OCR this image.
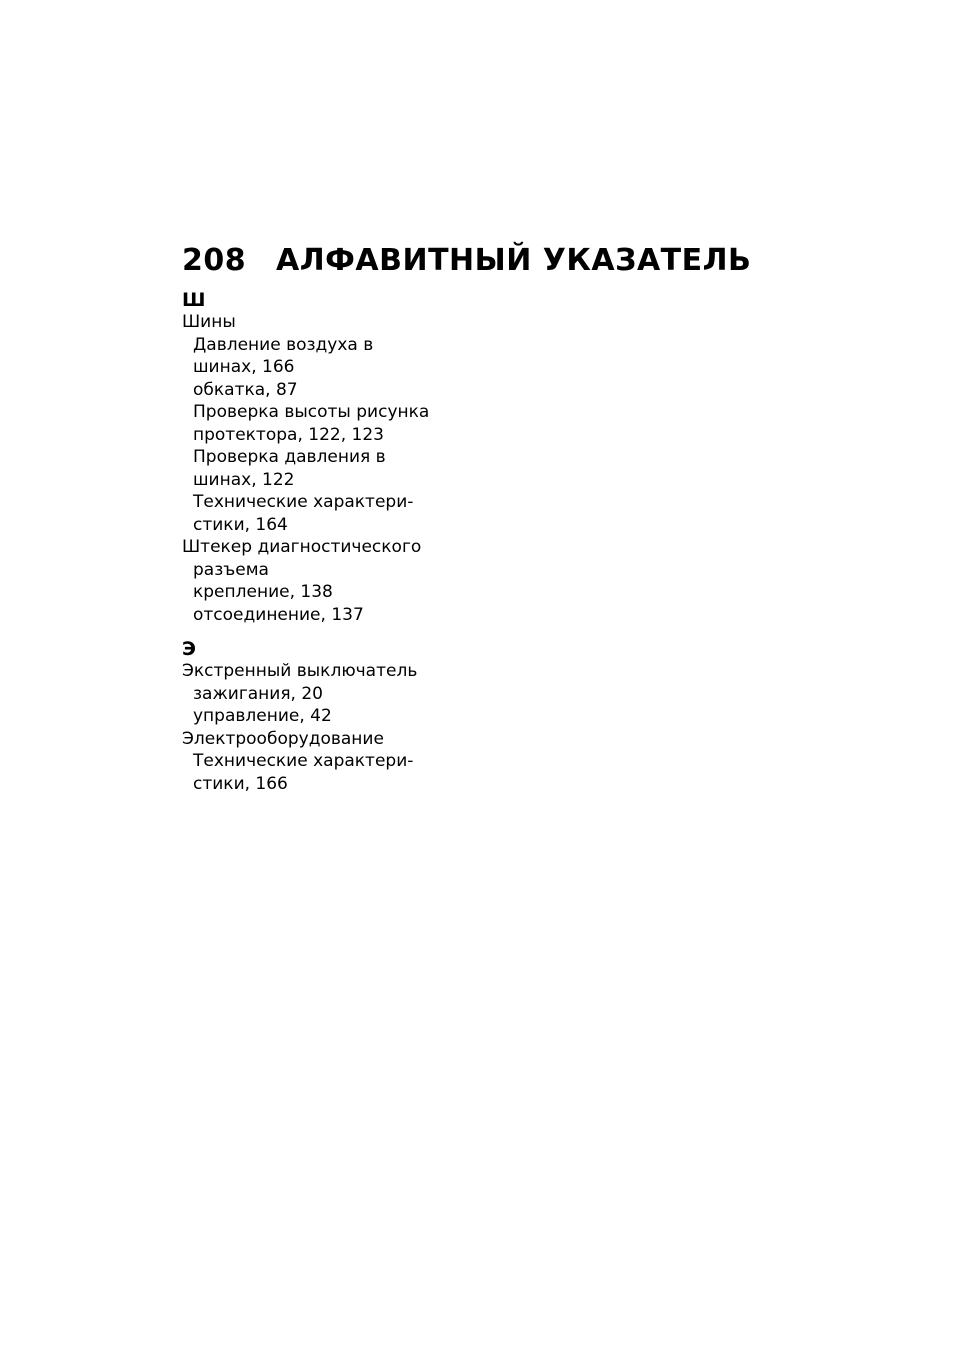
208 АЛФАВИТНЫЙ УКАЗАТЕЛЬ
Ш
Шины
Давление воздуха в
шинах, 166
обкатка, 87
Проверка высоты рисунка
протектора, 122, 123
Проверка давления в
шинах, 122
Технические характери-
стики, 164
Штекер диагностического
разъема
крепление, 138
отсоединение, 137
Э
Экстренный выключатель
зажигания, 20
управление, 42
Электрооборудование
Технические характери-
стики, 166
